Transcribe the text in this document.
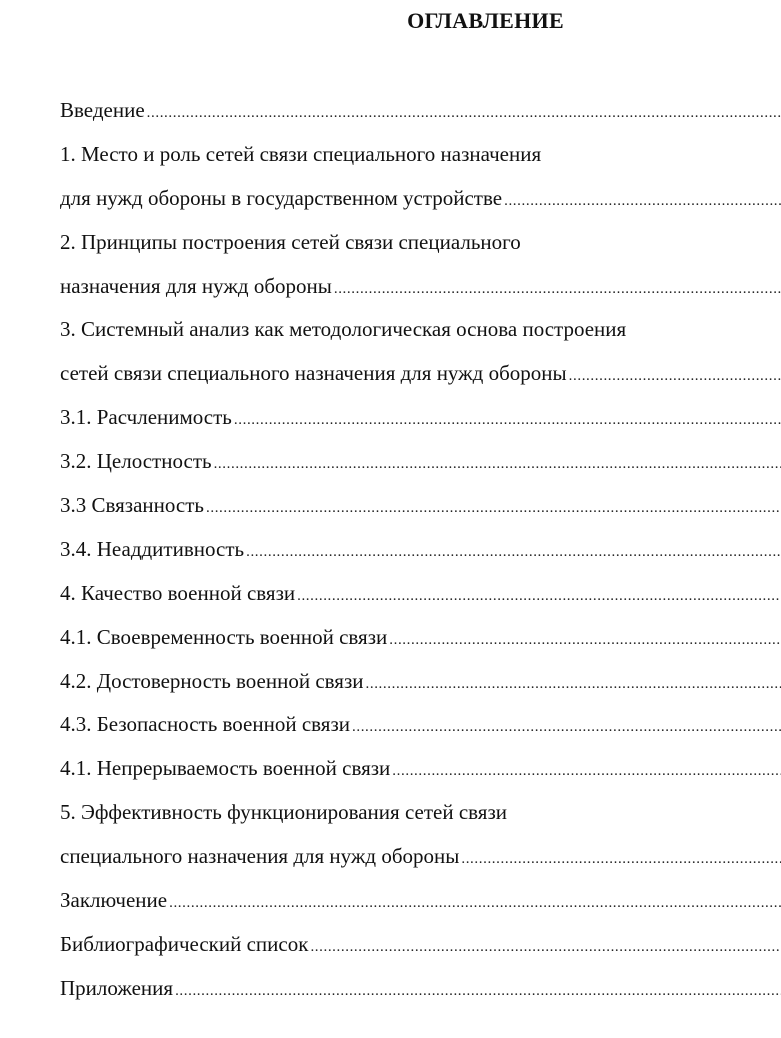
ОГЛАВЛЕНИЕ
Введение
.....
1. Место и роль сетей связи специального назначения
для нужд обороны в государственном устройстве
.....
2. Принципы построения сетей связи специального
назначения для нужд обороны
.....
3. Системный анализ как методологическая основа построения
сетей связи специального назначения для нужд обороны
.....
3.1. Расчленимость
.....
3.2. Целостность
.....
3.3 Связанность
.....
3.4. Неаддитивность
.....
4. Качество военной связи
.....
4.1. Своевременность военной связи
.....
4.2. Достоверность военной связи
.....
4.3. Безопасность военной связи
.....
4.1. Непрерываемость военной связи
.....
5. Эффективность функционирования сетей связи
специального назначения для нужд обороны
.....
Заключение
.....
Библиографический список
.....
Приложения
.....
